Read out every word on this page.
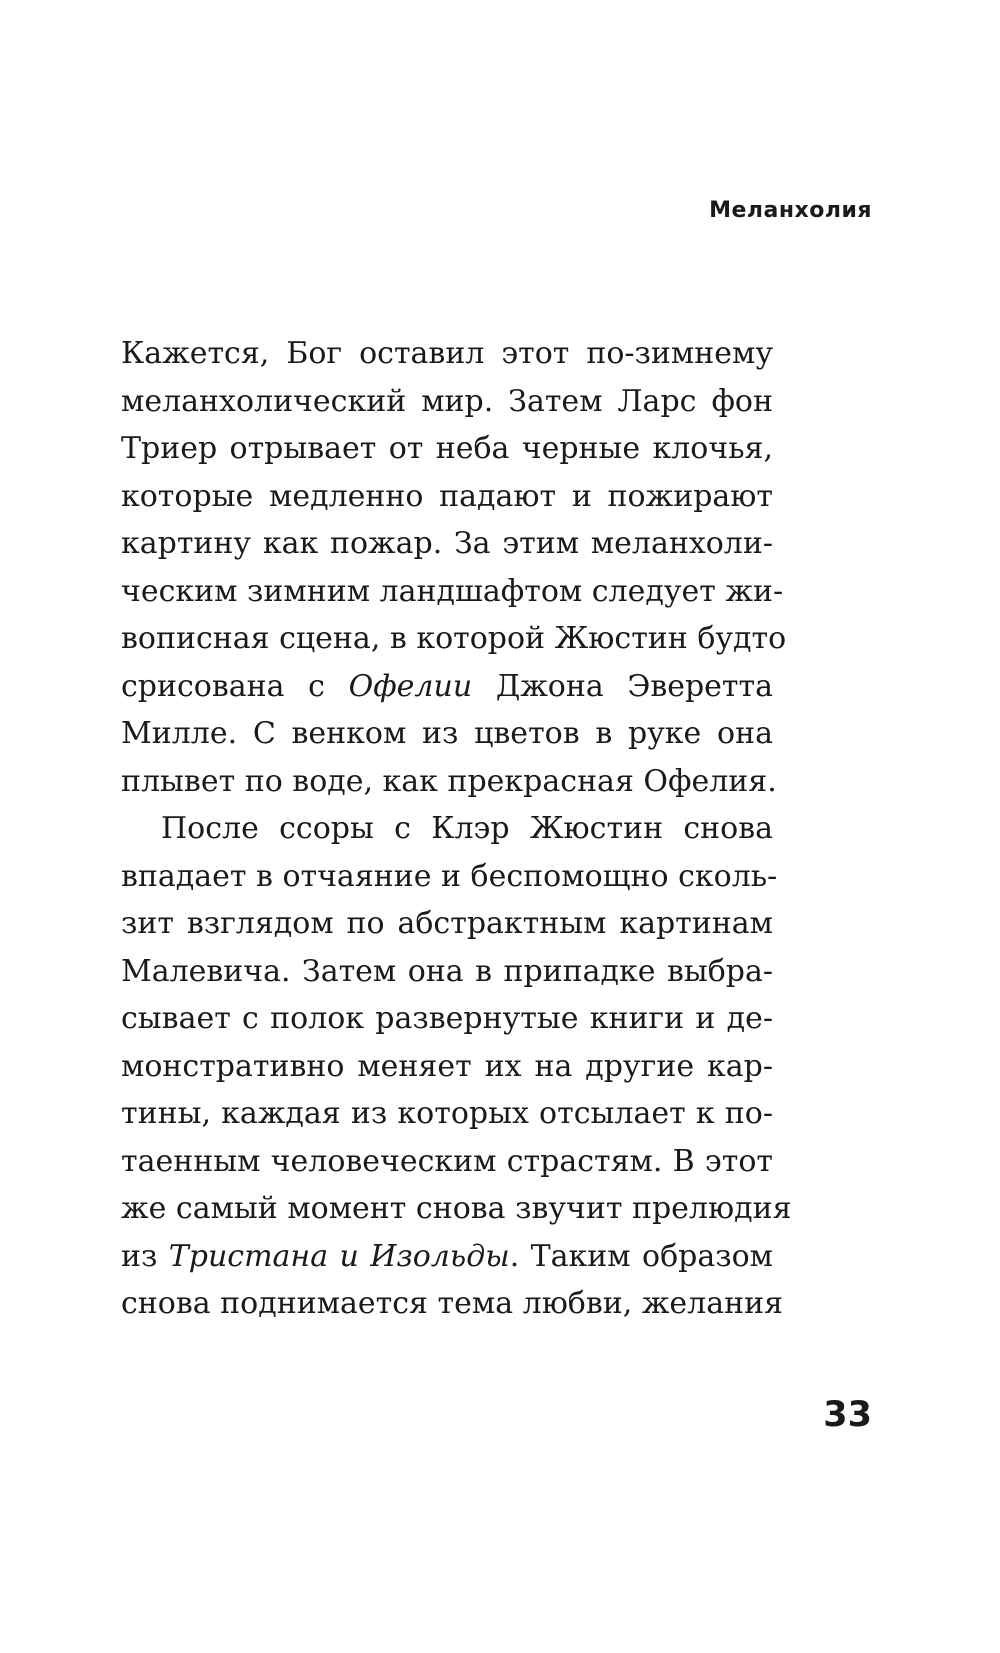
Меланхолия
Кажется, Бог оставил этот по-зимнему
меланхолический мир. Затем Ларс фон
Триер отрывает от неба черные клочья,
которые медленно падают и пожирают
картину как пожар. За этим меланхоли-
ческим зимним ландшафтом следует жи-
вописная сцена, в которой Жюстин будто
срисована с Офелии Джона Эверетта
Милле. С венком из цветов в руке она
плывет по воде, как прекрасная Офелия.
После ссоры с Клэр Жюстин снова
впадает в отчаяние и беспомощно сколь-
зит взглядом по абстрактным картинам
Малевича. Затем она в припадке выбра-
сывает с полок развернутые книги и де-
монстративно меняет их на другие кар-
тины, каждая из которых отсылает к по-
таенным человеческим страстям. В этот
же самый момент снова звучит прелюдия
из Тристана и Изольды. Таким образом
снова поднимается тема любви, желания
33
